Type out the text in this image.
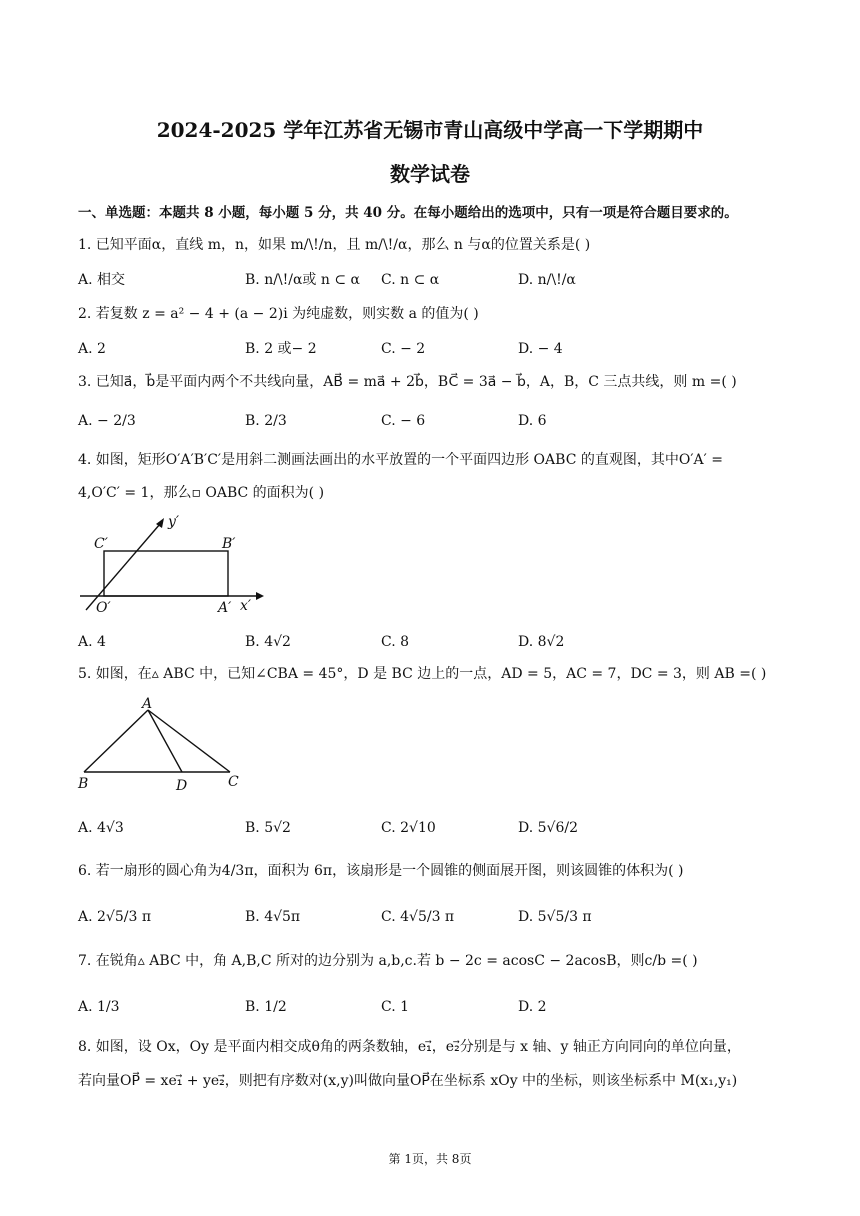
2024-2025 学年江苏省无锡市青山高级中学高一下学期期中
数学试卷
一、单选题：本题共 8 小题，每小题 5 分，共 40 分。在每小题给出的选项中，只有一项是符合题目要求的。
1. 已知平面α，直线 m，n，如果 m/\!/n，且 m/\!/α，那么 n 与α的位置关系是( )
A. 相交	B. n/\!/α或 n ⊂ α C. n ⊂ α	D. n/\!/α
2. 若复数 z = a² − 4 + (a − 2)i 为纯虚数，则实数 a 的值为( )
A. 2	B. 2 或− 2	C. − 2	D. − 4
3. 已知a⃗，b⃗是平面内两个不共线向量，AB⃗ = ma⃗ + 2b⃗，BC⃗ = 3a⃗ − b⃗，A，B，C 三点共线，则 m =( )
A. − 2/3	B. 2/3	C. − 6	D. 6
4. 如图，矩形O′A′B′C′是用斜二测画法画出的水平放置的一个平面四边形 OABC 的直观图，其中O′A′ =
4,O′C′ = 1，那么▫ OABC 的面积为( )
C′	B′
y′
O′	A′ x′
A. 4	B. 4√2	C. 8	D. 8√2
5. 如图，在▵ ABC 中，已知∠CBA = 45°，D 是 BC 边上的一点，AD = 5，AC = 7，DC = 3，则 AB =( )
A
B	D	C
A. 4√3	B. 5√2	C. 2√10	D. 5√6/2
6. 若一扇形的圆心角为4/3π，面积为 6π，该扇形是一个圆锥的侧面展开图，则该圆锥的体积为( )
A. 2√5/3 π	B. 4√5π	C. 4√5/3 π	D. 5√5/3 π
7. 在锐角▵ ABC 中，角 A,B,C 所对的边分别为 a,b,c.若 b − 2c = acosC − 2acosB，则c/b =( )
A. 1/3	B. 1/2	C. 1	D. 2
8. 如图，设 Ox，Oy 是平面内相交成θ角的两条数轴，e₁⃗，e₂⃗分别是与 x 轴、y 轴正方向同向的单位向量，
若向量OP⃗ = xe₁⃗ + ye₂⃗，则把有序数对(x,y)叫做向量OP⃗在坐标系 xOy 中的坐标，则该坐标系中 M(x₁,y₁)
第 1页，共 8页
